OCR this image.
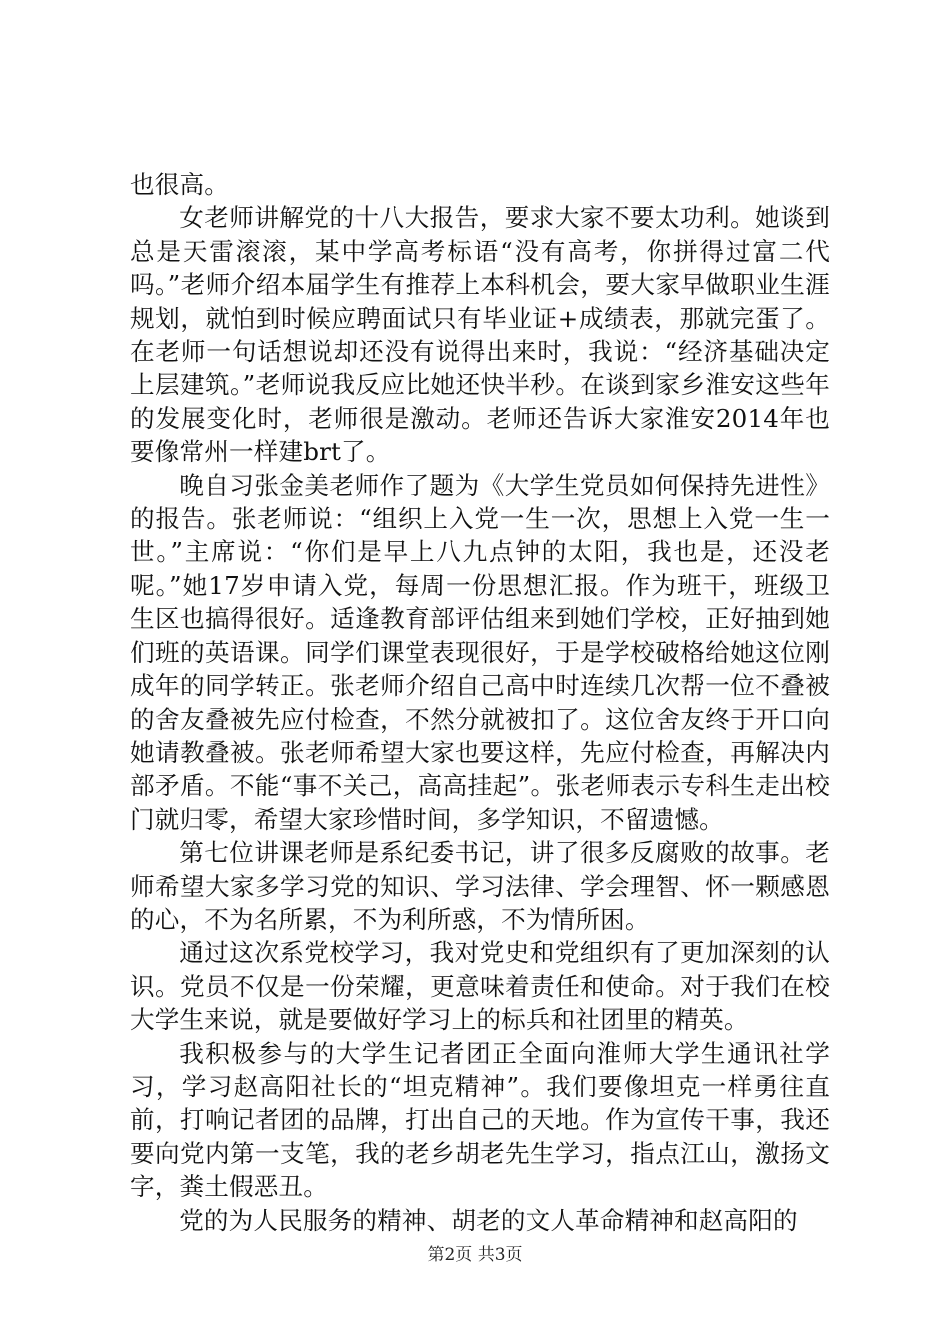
也很高。

女老师讲解党的十八大报告，要求大家不要太功利。她谈到总是天雷滚滚，某中学高考标语“没有高考，你拼得过富二代吗。”老师介绍本届学生有推荐上本科机会，要大家早做职业生涯规划，就怕到时候应聘面试只有毕业证+成绩表，那就完蛋了。在老师一句话想说却还没有说得出来时，我说：“经济基础决定上层建筑。”老师说我反应比她还快半秒。在谈到家乡淮安这些年的发展变化时，老师很是激动。老师还告诉大家淮安2014年也要像常州一样建brt了。

晚自习张金美老师作了题为《大学生党员如何保持先进性》的报告。张老师说：“组织上入党一生一次，思想上入党一生一世。”主席说：“你们是早上八九点钟的太阳，我也是，还没老呢。”她17岁申请入党，每周一份思想汇报。作为班干，班级卫生区也搞得很好。适逢教育部评估组来到她们学校，正好抽到她们班的英语课。同学们课堂表现很好，于是学校破格给她这位刚成年的同学转正。张老师介绍自己高中时连续几次帮一位不叠被的舍友叠被先应付检查，不然分就被扣了。这位舍友终于开口向她请教叠被。张老师希望大家也要这样，先应付检查，再解决内部矛盾。不能“事不关己，高高挂起”。张老师表示专科生走出校门就归零，希望大家珍惜时间，多学知识，不留遗憾。

第七位讲课老师是系纪委书记，讲了很多反腐败的故事。老师希望大家多学习党的知识、学习法律、学会理智、怀一颗感恩的心，不为名所累，不为利所惑，不为情所困。

通过这次系党校学习，我对党史和党组织有了更加深刻的认识。党员不仅是一份荣耀，更意味着责任和使命。对于我们在校大学生来说，就是要做好学习上的标兵和社团里的精英。

我积极参与的大学生记者团正全面向淮师大学生通讯社学习，学习赵高阳社长的“坦克精神”。我们要像坦克一样勇往直前，打响记者团的品牌，打出自己的天地。作为宣传干事，我还要向党内第一支笔，我的老乡胡老先生学习，指点江山，激扬文字，粪土假恶丑。

党的为人民服务的精神、胡老的文人革命精神和赵高阳的

第2页 共3页
